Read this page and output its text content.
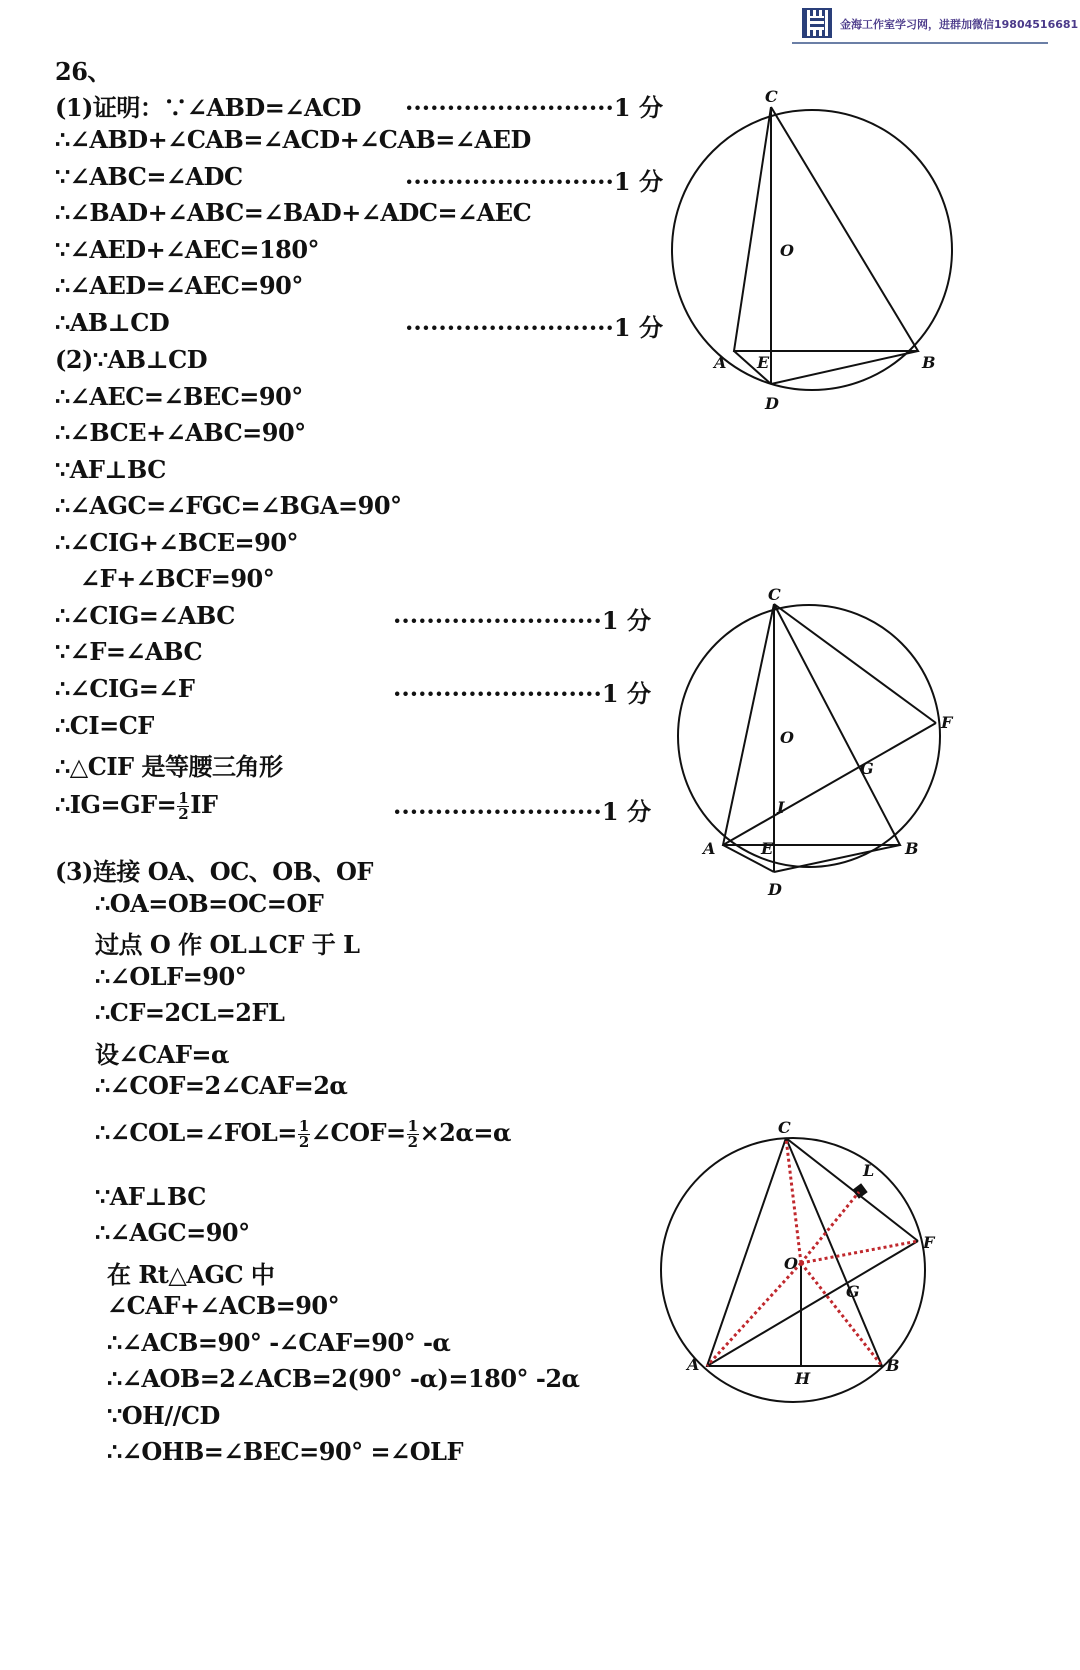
金海工作室学习网，进群加微信19804516681
26、
(1)证明：∵∠ABD=∠ACD
∴∠ABD+∠CAB=∠ACD+∠CAB=∠AED
∵∠ABC=∠ADC
∴∠BAD+∠ABC=∠BAD+∠ADC=∠AEC
∵∠AED+∠AEC=180°
∴∠AED=∠AEC=90°
∴AB⊥CD
·························1 分
·························1 分
·························1 分
(2)∵AB⊥CD
∴∠AEC=∠BEC=90°
∴∠BCE+∠ABC=90°
∵AF⊥BC
∴∠AGC=∠FGC=∠BGA=90°
∴∠CIG+∠BCE=90°
∠F+∠BCF=90°
∴∠CIG=∠ABC
∵∠F=∠ABC
∴∠CIG=∠F
∴CI=CF
∴△CIF 是等腰三角形
∴IG=GF= $\frac{1}{2}$ IF
·························1 分
·························1 分
·························1 分
(3)连接 OA、OC、OB、OF
∴OA=OB=OC=OF
过点 O 作 OL⊥CF 于 L
∴∠OLF=90°
∴CF=2CL=2FL
设∠CAF=α
∴∠COF=2∠CAF=2α
∴∠COL=∠FOL= $\frac{1}{2}$ ∠COF= $\frac{1}{2} \times 2\alpha=\alpha$
∵AF⊥BC
∴∠AGC=90°
在 Rt△AGC 中
∠CAF+∠ACB=90°
∴∠ACB=90° -∠CAF=90° -α
∴∠AOB=2∠ACB=2(90° -α)=180° -2α
∵OH//CD
∴∠OHB=∠BEC=90° =∠OLF
C
O
A E	B
D
C
F
O
G
I
A	E	B
D
C
L
F
O
G
A
H
B
